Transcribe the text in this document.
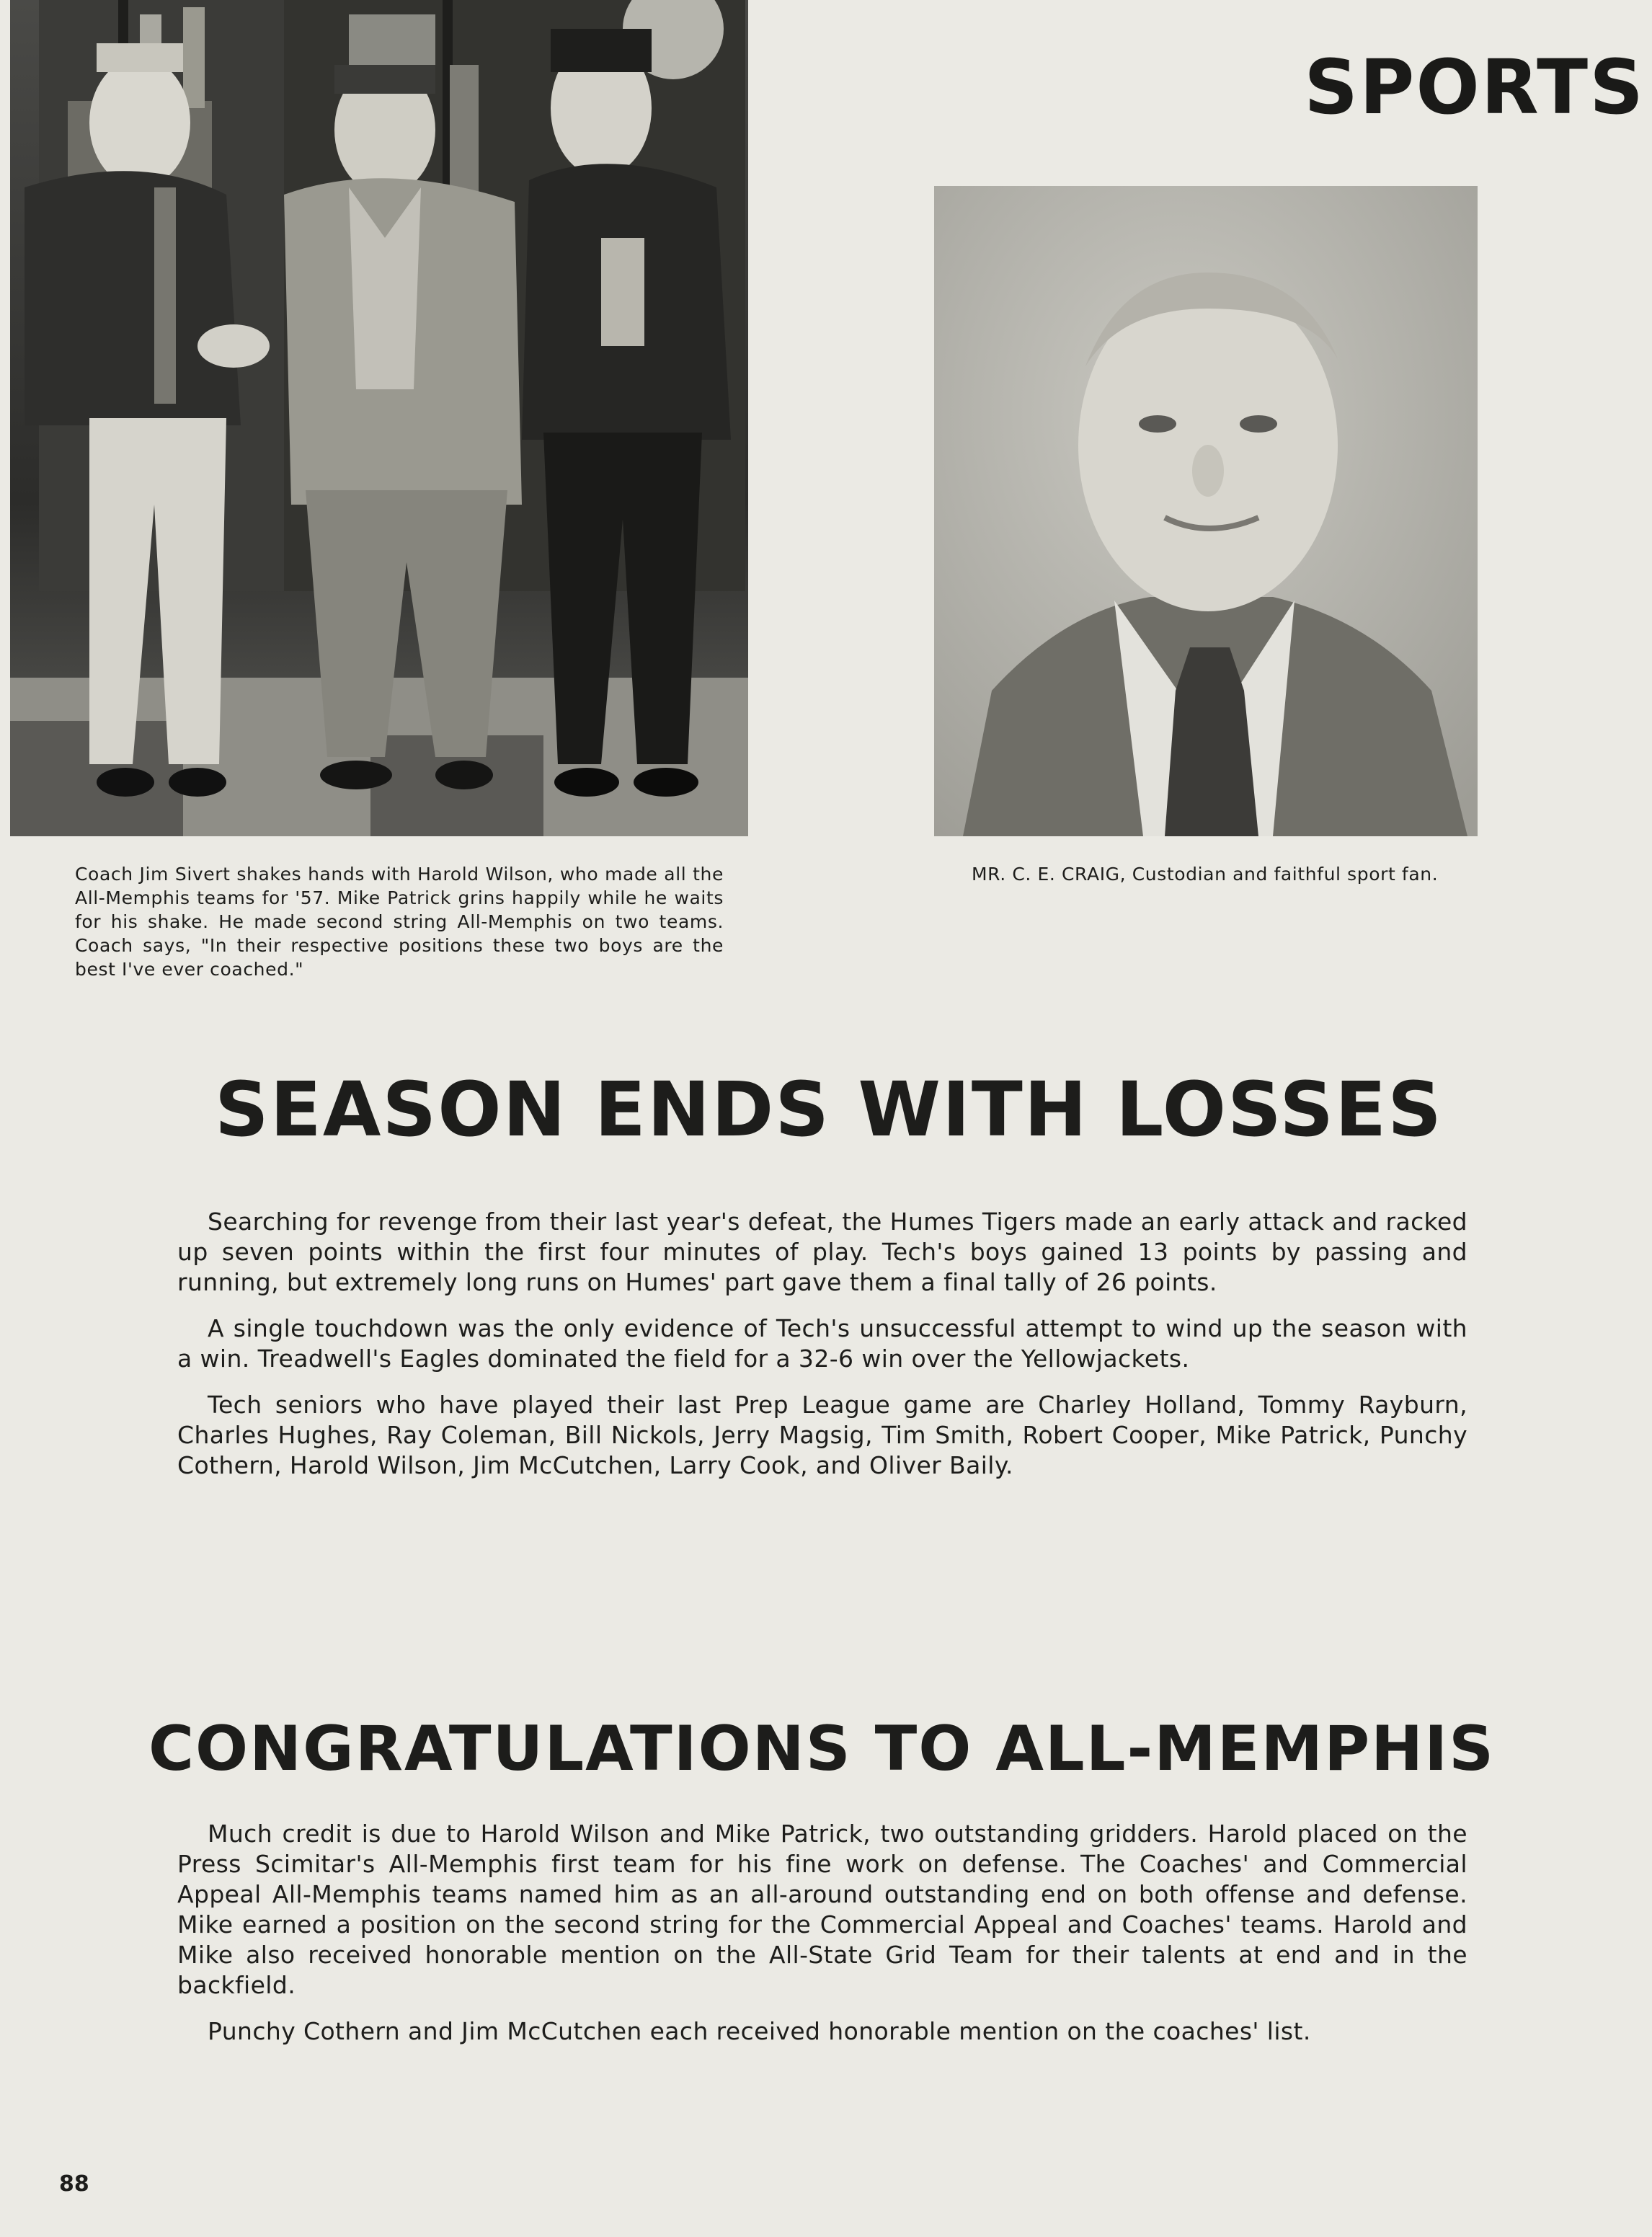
SPORTS
Coach Jim Sivert shakes hands with Harold Wilson, who made all the All-Memphis teams for '57. Mike Patrick grins happily while he waits for his shake. He made second string All-Memphis on two teams. Coach says, "In their respective positions these two boys are the best I've ever coached."
MR. C. E. CRAIG, Custodian and faithful sport fan.
SEASON ENDS WITH LOSSES

Searching for revenge from their last year's defeat, the Humes Tigers made an early attack and racked up seven points within the first four minutes of play. Tech's boys gained 13 points by passing and running, but extremely long runs on Humes' part gave them a final tally of 26 points.

A single touchdown was the only evidence of Tech's unsuccessful attempt to wind up the season with a win. Treadwell's Eagles dominated the field for a 32-6 win over the Yellowjackets.

Tech seniors who have played their last Prep League game are Charley Holland, Tommy Rayburn, Charles Hughes, Ray Coleman, Bill Nickols, Jerry Magsig, Tim Smith, Robert Cooper, Mike Patrick, Punchy Cothern, Harold Wilson, Jim McCutchen, Larry Cook, and Oliver Baily.

CONGRATULATIONS TO ALL-MEMPHIS

Much credit is due to Harold Wilson and Mike Patrick, two outstanding gridders. Harold placed on the Press Scimitar's All-Memphis first team for his fine work on defense. The Coaches' and Commercial Appeal All-Memphis teams named him as an all-around outstanding end on both offense and defense. Mike earned a position on the second string for the Commercial Appeal and Coaches' teams. Harold and Mike also received honorable mention on the All-State Grid Team for their talents at end and in the backfield.

Punchy Cothern and Jim McCutchen each received honorable mention on the coaches' list.

88
